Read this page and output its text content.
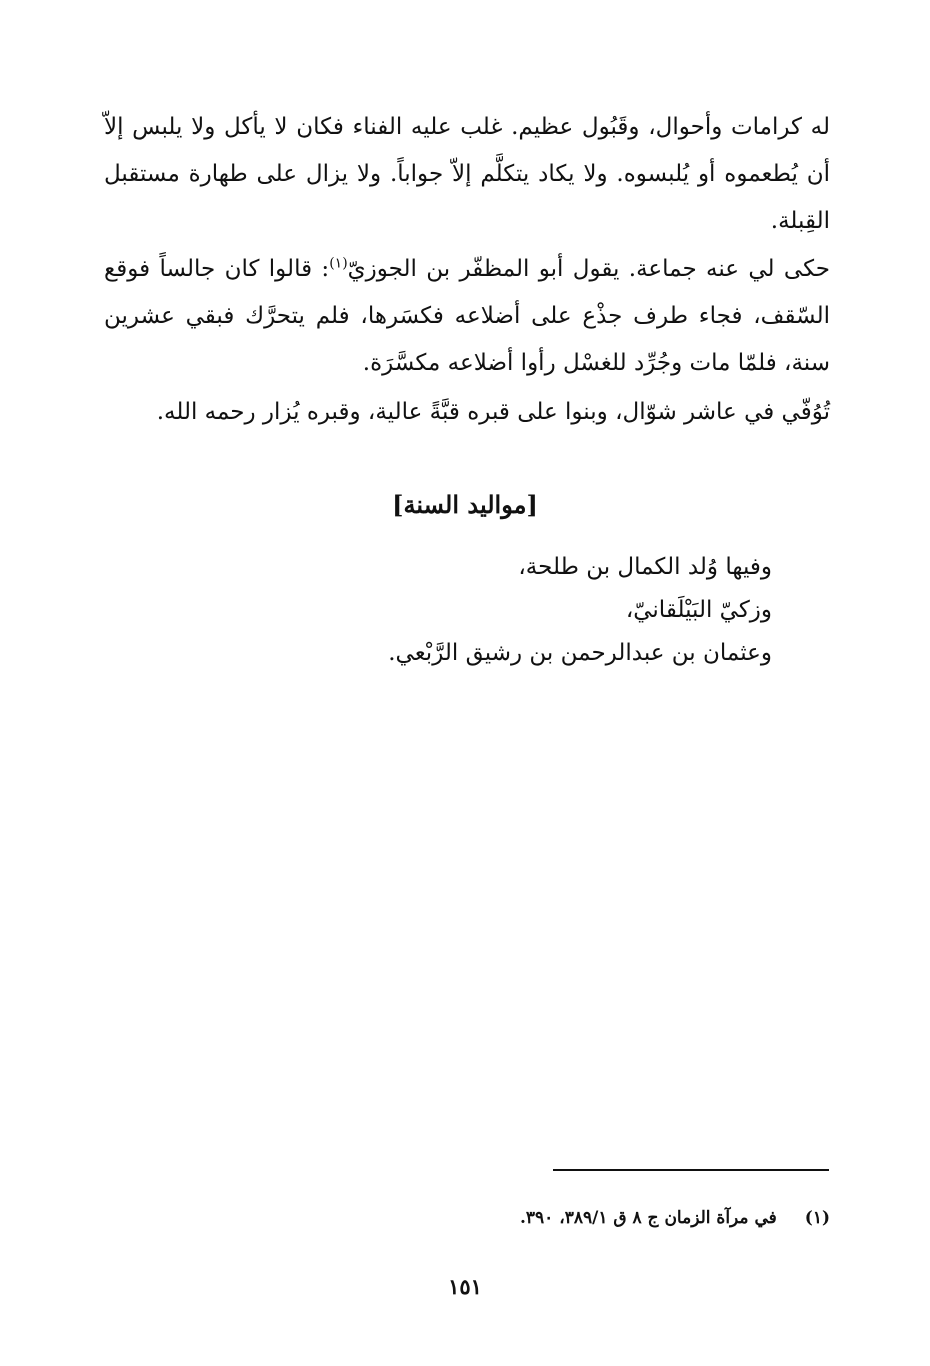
له كرامات وأحوال، وقَبُول عظيم. غلب عليه الفناء فكان لا يأكل ولا يلبس إلاّ أن يُطعموه أو يُلبسوه. ولا يكاد يتكلَّم إلاّ جواباً. ولا يزال على طهارة مستقبل القِبلة.

حكى لي عنه جماعة. يقول أبو المظفّر بن الجوزيّ$^{(١)}$: قالوا كان جالساً فوقع السّقف، فجاء طرف جذْع على أضلاعه فكسَرها، فلم يتحرَّك فبقي عشرين سنة، فلمّا مات وجُرِّد للغسْل رأوا أضلاعه مكسَّرَة.

تُوُفّي في عاشر شوّال، وبنوا على قبره قبَّةً عالية، وقبره يُزار رحمه الله.

[مواليد السنة]
وفيها وُلد الكمال بن طلحة،
وزكيّ البَيْلَقانيّ،
وعثمان بن عبدالرحمن بن رشيق الرَّبْعي.

(١)في مرآة الزمان ج ٨ ق ٣٨٩/١، ٣٩٠.

١٥١
